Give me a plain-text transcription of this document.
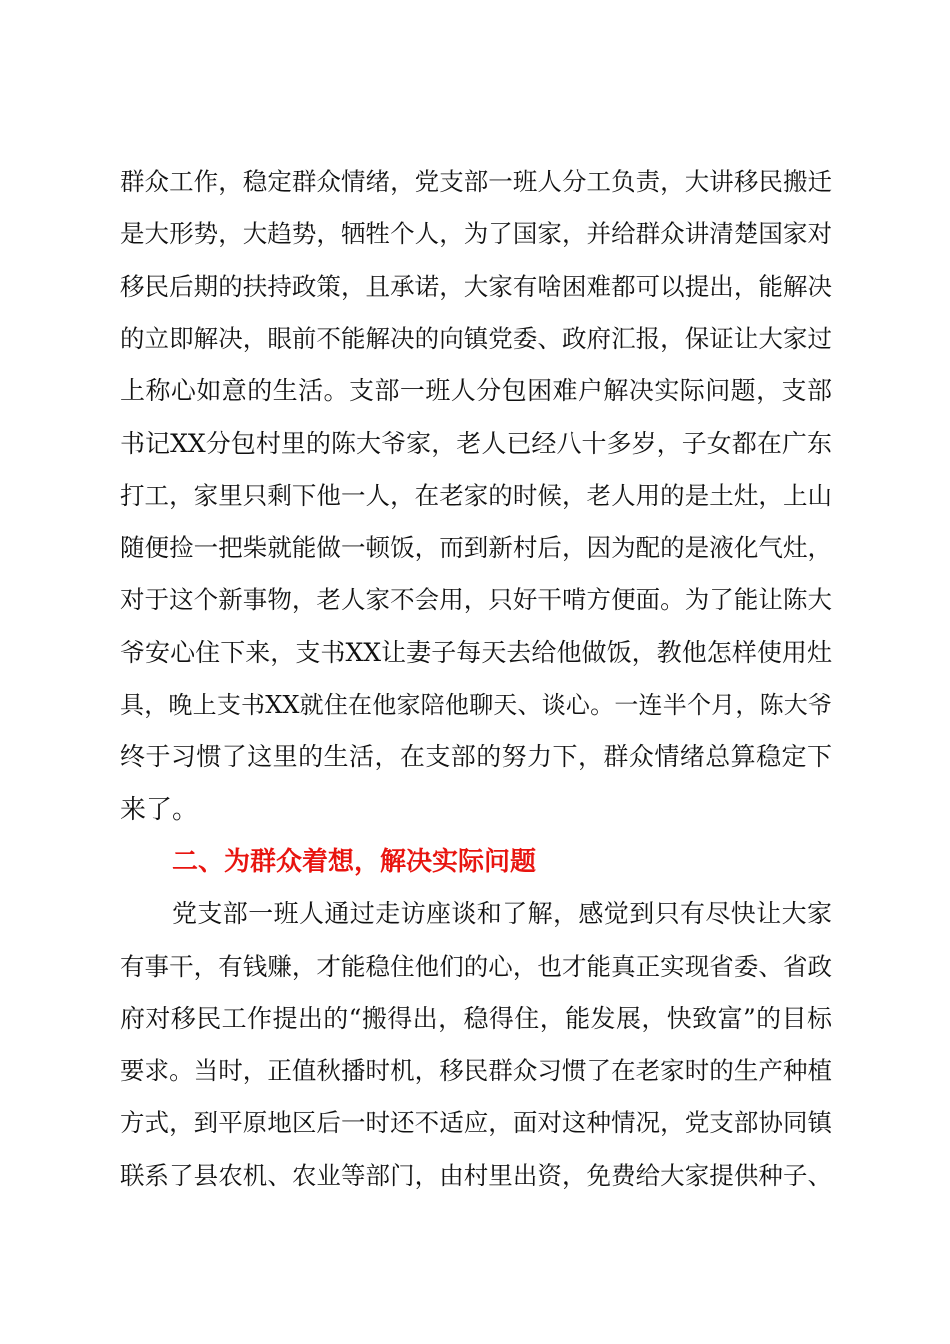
群众工作，稳定群众情绪，党支部一班人分工负责，大讲移民搬迁
是大形势，大趋势，牺牲个人，为了国家，并给群众讲清楚国家对
移民后期的扶持政策，且承诺，大家有啥困难都可以提出，能解决
的立即解决，眼前不能解决的向镇党委、政府汇报，保证让大家过
上称心如意的生活。支部一班人分包困难户解决实际问题，支部
书记XX分包村里的陈大爷家，老人已经八十多岁，子女都在广东
打工，家里只剩下他一人，在老家的时候，老人用的是土灶，上山
随便捡一把柴就能做一顿饭，而到新村后，因为配的是液化气灶，
对于这个新事物，老人家不会用，只好干啃方便面。为了能让陈大
爷安心住下来，支书XX让妻子每天去给他做饭，教他怎样使用灶
具，晚上支书XX就住在他家陪他聊天、谈心。一连半个月，陈大爷
终于习惯了这里的生活，在支部的努力下，群众情绪总算稳定下
来了。
二、为群众着想，解决实际问题
党支部一班人通过走访座谈和了解，感觉到只有尽快让大家
有事干，有钱赚，才能稳住他们的心，也才能真正实现省委、省政
府对移民工作提出的“搬得出，稳得住，能发展，快致富”的目标
要求。当时，正值秋播时机，移民群众习惯了在老家时的生产种植
方式，到平原地区后一时还不适应，面对这种情况，党支部协同镇
联系了县农机、农业等部门，由村里出资，免费给大家提供种子、
